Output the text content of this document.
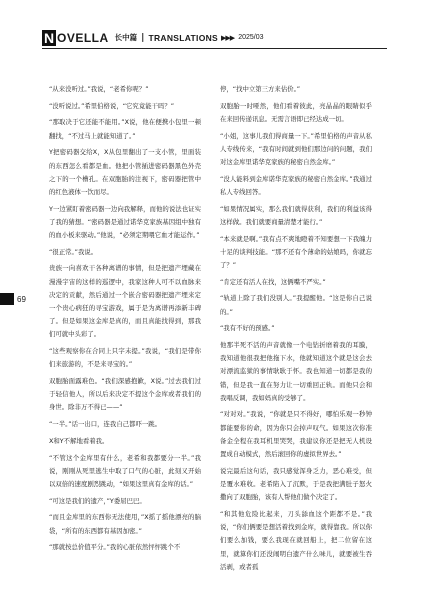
N OVELLA 长中篇 | TRANSLATIONS ▶▶▶ 2025/03

“从来没听过。”我说，“老希你呢？”

“没听说过。”希里伯格说，“它究竟能干吗？”

“那取决于它还能不能用。”X说，他在便携小包里一顿翻找，“不过马上就能知道了。”

Y把密码器交给X，X从包里翻出了一支小管，里面装的东西怎么看都是血。他把小管插进密码器黑色外壳之下的一个槽孔。在双胞胎的注视下，密码器把管中的红色液体一饮而尽。

Y一边紧盯着密码器一边向我解释，而他的说法也证实了我的猜想。“密码器是通过诺华克家族基因组中独有的血小板来驱动。”他说，“必须定期喂它血才能运作。”

“很正常。”我说。

贵族一向喜欢干各种离谱的事情，但是把遗产埋藏在漫漫宇宙的这样的巡逻中，我家这种人可不以血脉来决定的贡献，然后通过一个嵌合密码器把遗产埋来定一个贵心病狂的寻宝游戏，属于是为离谱再添新丰碑了。但是如果这金库是真的，而且真能找得到，那我们可就中头彩了。

“这些观察你在合同上只字未提。”我说，“我们是带你们来旅游的，不是来寻宝的。”

双胞胎面露难色。“我们深感抱歉，X说。”过去我们过于轻信他人，所以后来决定不提这个金库或者我们的身世。除非万不得已——”

“一半。”话一出口，连我自己都吓一跳。

X和Y不解地看着我。

“不管这个金库里有什么，老希和我都要分一半。”我说，刚刚从死里逃生中取了口气的心脏，此刻又开始以双倍的速度剧烈跳动，“如果这里真有金库的话。”

“可这是我们的遗产，”Y委屈巴巴。

“而且金库里的东西你无法使用，”X摇了摇他漂亮的脑袋，“所有的东西都有基因加密。”

“那就按总价值平分。”我的心脏依然怦怦跳个不

停，“找中立第三方来估价。”

双胞胎一时哑然，他们看着彼此，亮晶晶的眼睛似乎在来回传递讯息。无需言语即已经达成一切。

“小姐，这事儿我们得商量一下。”希里伯格的声音从私人专线传来，“我有时间就到他们那边问的问题，我们对这金库里诺华克家族的秘密自然金库。”

“没人能料到金库诺华克家族的秘密自然金库。”我通过私人专线回答。

“如果情况属实，那么我们就得获利，我们的利益该得这样做。我们就要商量清楚才能行。”

“本来就是啊。”我有点不爽地瞪着不知要想一下我魄力十足的谈判技能。“那不还有个薄命的姑娘吗，你就忘了？”

“肯定还有活人在找，这俩嘴不严实。”

“轨道上除了我们没别人。”我提醒他。“这是你自己说的。”

“我有不好的预感。”

他那半死不活的声音就像一个电钻折磨着我的耳膜，我知道他很我把他拖下水，他就知道这个就是这会去对漂流监狱的事情耿耿于怀。我也知道一切都是我的错，但是我一直在努力让一切重回正轨。而他只会和我唱反调，我如妈真的受够了。

“对对对。”我说，“你就是只不得好，哪怕乐观一秒钟都能要你的命，因为你只会掉声叹气。如果这次你准备金全程在我耳机里哭哭，我建议你还是把无人机设置成自动模式，然后滚回你的虚拟世界去。”

说完最后这句话，我只感觉浑身乏力，恶心难受，但是覆水难收。老希陷入了沉默，于是我把满肚子怒火撒向了双胞胎，该有人帮他们做个决定了。

“和其他危险比起来，刀头舔血这个距都不是。”我说，“你们俩要是想活着找到金库，就得靠我。所以你们要么加钱，要么我现在就回船上，把二位留在这里，就算你们还没闹明白遗产什么味儿，就要被生吞活剥，或者孤

69
